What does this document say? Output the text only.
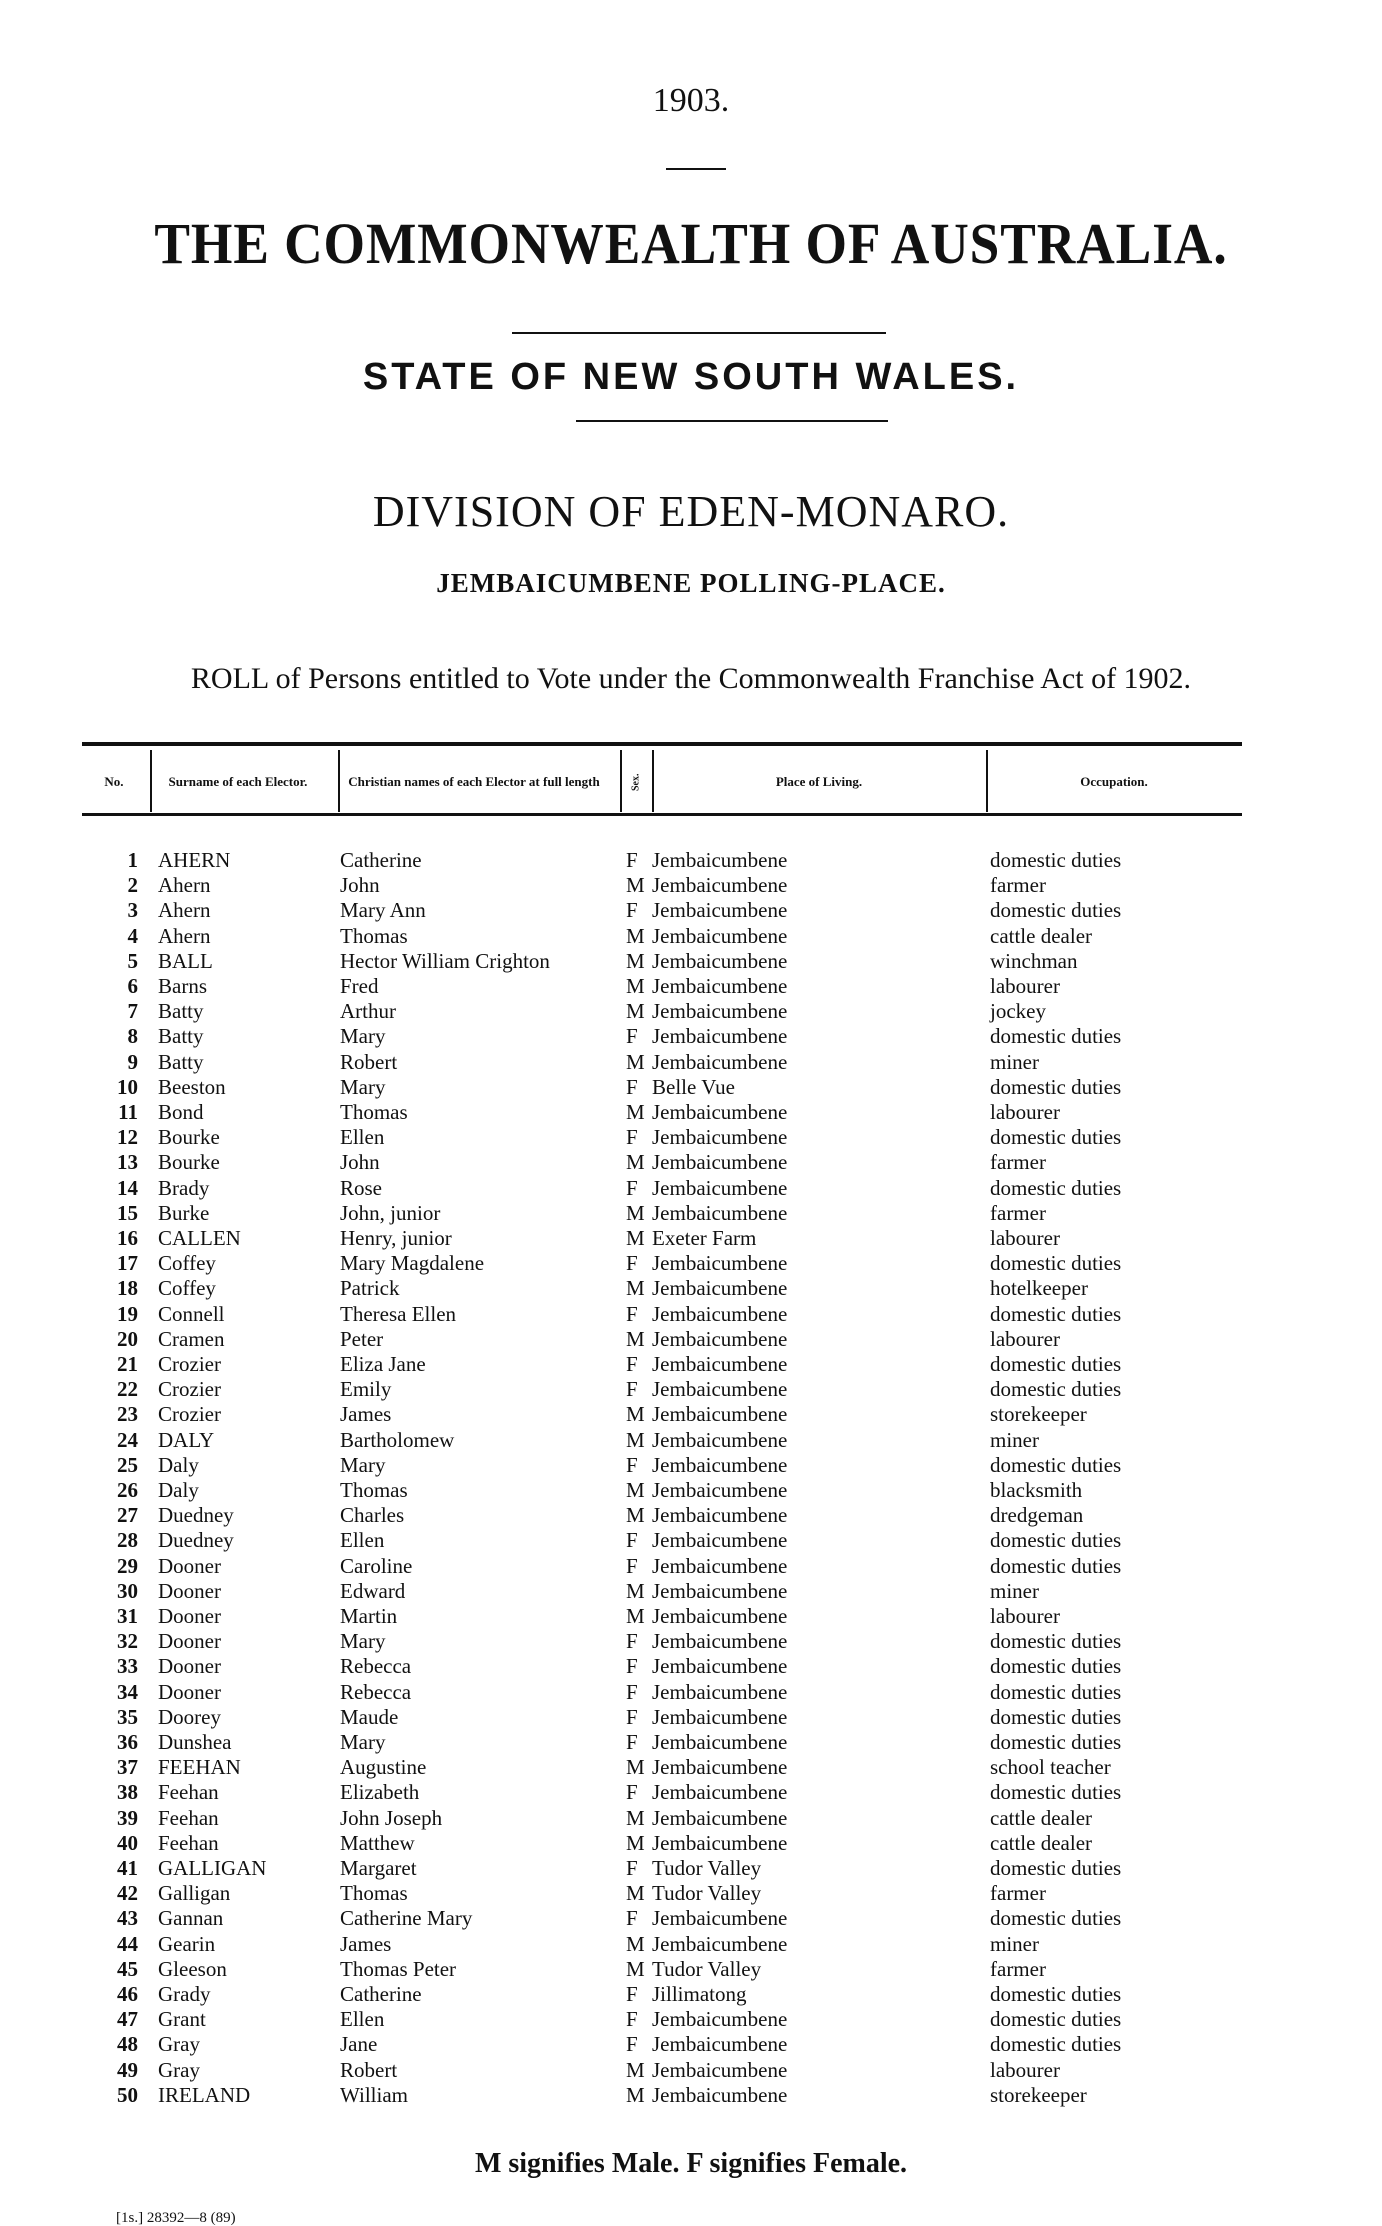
1903.
THE COMMONWEALTH OF AUSTRALIA.
STATE OF NEW SOUTH WALES.
DIVISION OF EDEN-MONARO.
JEMBAICUMBENE POLLING-PLACE.
ROLL of Persons entitled to Vote under the Commonwealth Franchise Act of 1902.
No.	Surname of each Elector.	Christian names of each Elector at full length	Sex.	Place of Living.	Occupation.
1 AHERN	Catherine	F Jembaicumbene	domestic duties
2 Ahern	John	M Jembaicumbene	farmer
3 Ahern	Mary Ann	F Jembaicumbene	domestic duties
4 Ahern	Thomas	M Jembaicumbene	cattle dealer
5 BALL	Hector William Crighton	M Jembaicumbene	winchman
6 Barns	Fred	M Jembaicumbene	labourer
7 Batty	Arthur	M Jembaicumbene	jockey
8 Batty	Mary	F Jembaicumbene	domestic duties
9 Batty	Robert	M Jembaicumbene	miner
10 Beeston	Mary	F Belle Vue	domestic duties
11 Bond	Thomas	M Jembaicumbene	labourer
12 Bourke	Ellen	F Jembaicumbene	domestic duties
13 Bourke	John	M Jembaicumbene	farmer
14 Brady	Rose	F Jembaicumbene	domestic duties
15 Burke	John, junior	M Jembaicumbene	farmer
16 CALLEN	Henry, junior	M Exeter Farm	labourer
17 Coffey	Mary Magdalene	F Jembaicumbene	domestic duties
18 Coffey	Patrick	M Jembaicumbene	hotelkeeper
19 Connell	Theresa Ellen	F Jembaicumbene	domestic duties
20 Cramen	Peter	M Jembaicumbene	labourer
21 Crozier	Eliza Jane	F Jembaicumbene	domestic duties
22 Crozier	Emily	F Jembaicumbene	domestic duties
23 Crozier	James	M Jembaicumbene	storekeeper
24 DALY	Bartholomew	M Jembaicumbene	miner
25 Daly	Mary	F Jembaicumbene	domestic duties
26 Daly	Thomas	M Jembaicumbene	blacksmith
27 Duedney	Charles	M Jembaicumbene	dredgeman
28 Duedney	Ellen	F Jembaicumbene	domestic duties
29 Dooner	Caroline	F Jembaicumbene	domestic duties
30 Dooner	Edward	M Jembaicumbene	miner
31 Dooner	Martin	M Jembaicumbene	labourer
32 Dooner	Mary	F Jembaicumbene	domestic duties
33 Dooner	Rebecca	F Jembaicumbene	domestic duties
34 Dooner	Rebecca	F Jembaicumbene	domestic duties
35 Doorey	Maude	F Jembaicumbene	domestic duties
36 Dunshea	Mary	F Jembaicumbene	domestic duties
37 FEEHAN	Augustine	M Jembaicumbene	school teacher
38 Feehan	Elizabeth	F Jembaicumbene	domestic duties
39 Feehan	John Joseph	M Jembaicumbene	cattle dealer
40 Feehan	Matthew	M Jembaicumbene	cattle dealer
41 GALLIGAN	Margaret	F Tudor Valley	domestic duties
42 Galligan	Thomas	M Tudor Valley	farmer
43 Gannan	Catherine Mary	F Jembaicumbene	domestic duties
44 Gearin	James	M Jembaicumbene	miner
45 Gleeson	Thomas Peter	M Tudor Valley	farmer
46 Grady	Catherine	F Jillimatong	domestic duties
47 Grant	Ellen	F Jembaicumbene	domestic duties
48 Gray	Jane	F Jembaicumbene	domestic duties
49 Gray	Robert	M Jembaicumbene	labourer
50 IRELAND	William	M Jembaicumbene	storekeeper
M signifies Male. F signifies Female.
[1s.] 28392—8 (89)
